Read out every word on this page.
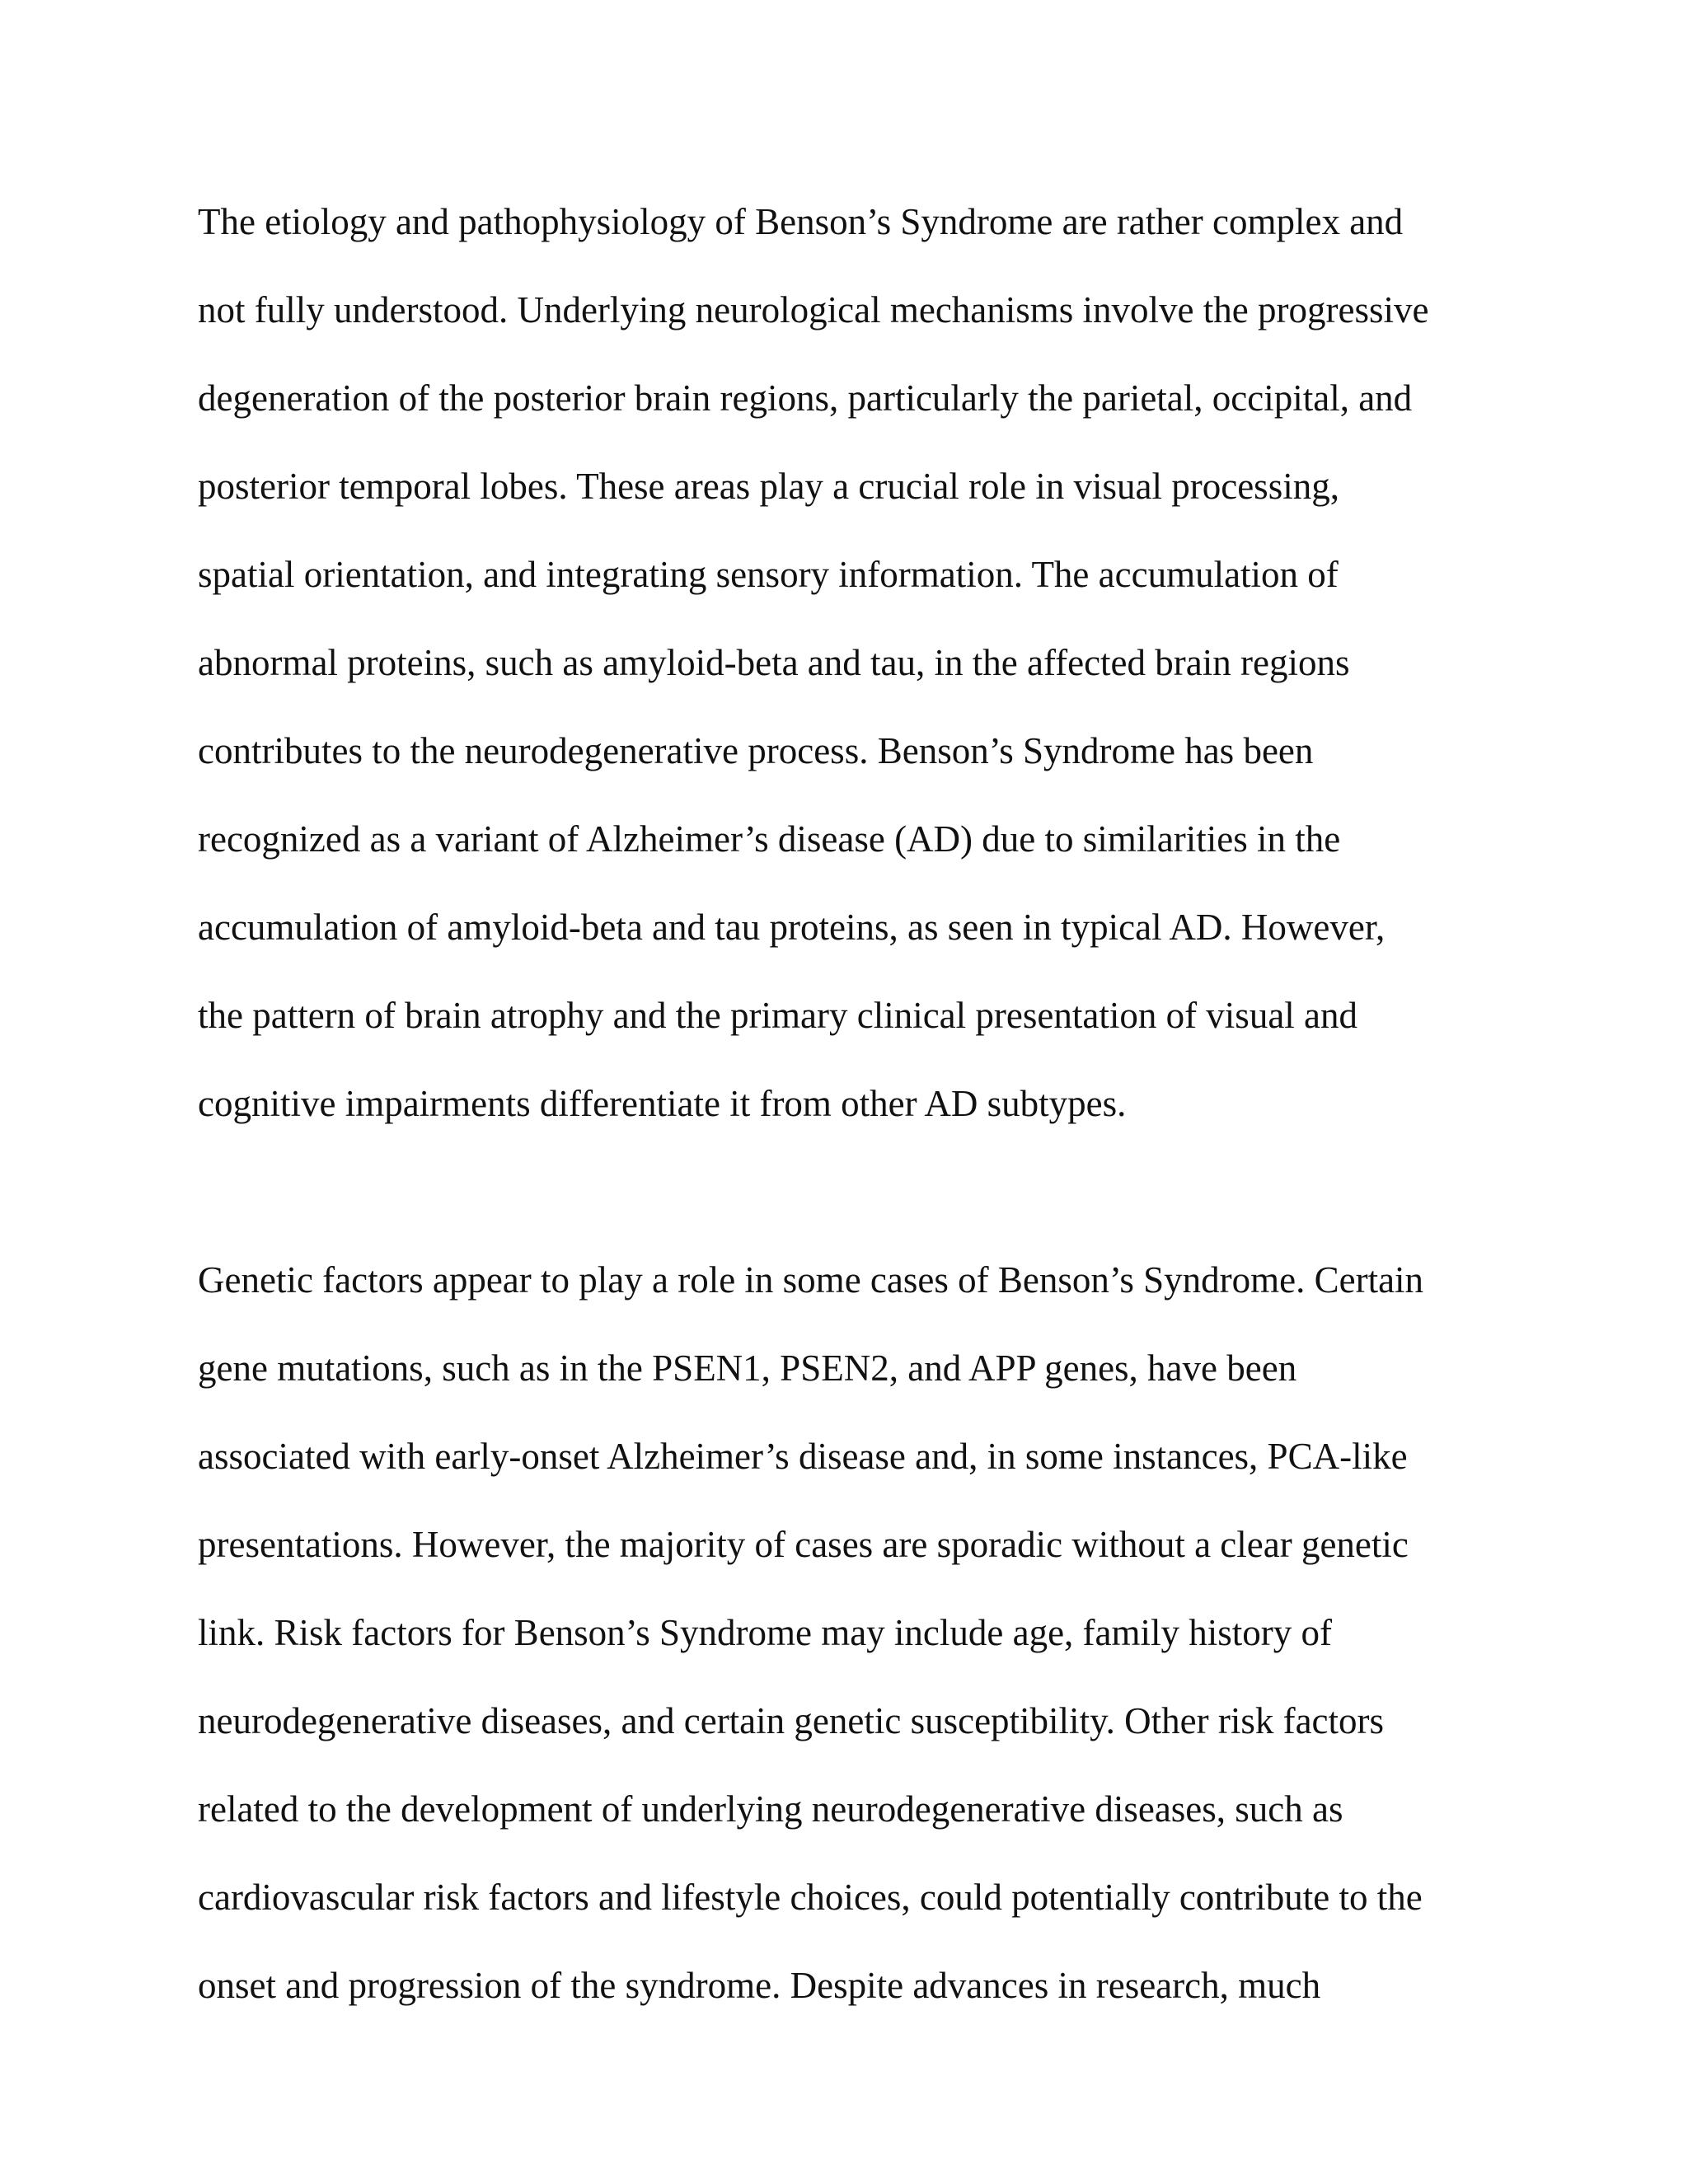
The etiology and pathophysiology of Benson’s Syndrome are rather complex and
not fully understood. Underlying neurological mechanisms involve the progressive
degeneration of the posterior brain regions, particularly the parietal, occipital, and
posterior temporal lobes. These areas play a crucial role in visual processing,
spatial orientation, and integrating sensory information. The accumulation of
abnormal proteins, such as amyloid-beta and tau, in the affected brain regions
contributes to the neurodegenerative process. Benson’s Syndrome has been
recognized as a variant of Alzheimer’s disease (AD) due to similarities in the
accumulation of amyloid-beta and tau proteins, as seen in typical AD. However,
the pattern of brain atrophy and the primary clinical presentation of visual and
cognitive impairments differentiate it from other AD subtypes.
Genetic factors appear to play a role in some cases of Benson’s Syndrome. Certain
gene mutations, such as in the PSEN1, PSEN2, and APP genes, have been
associated with early-onset Alzheimer’s disease and, in some instances, PCA-like
presentations. However, the majority of cases are sporadic without a clear genetic
link. Risk factors for Benson’s Syndrome may include age, family history of
neurodegenerative diseases, and certain genetic susceptibility. Other risk factors
related to the development of underlying neurodegenerative diseases, such as
cardiovascular risk factors and lifestyle choices, could potentially contribute to the
onset and progression of the syndrome. Despite advances in research, much
